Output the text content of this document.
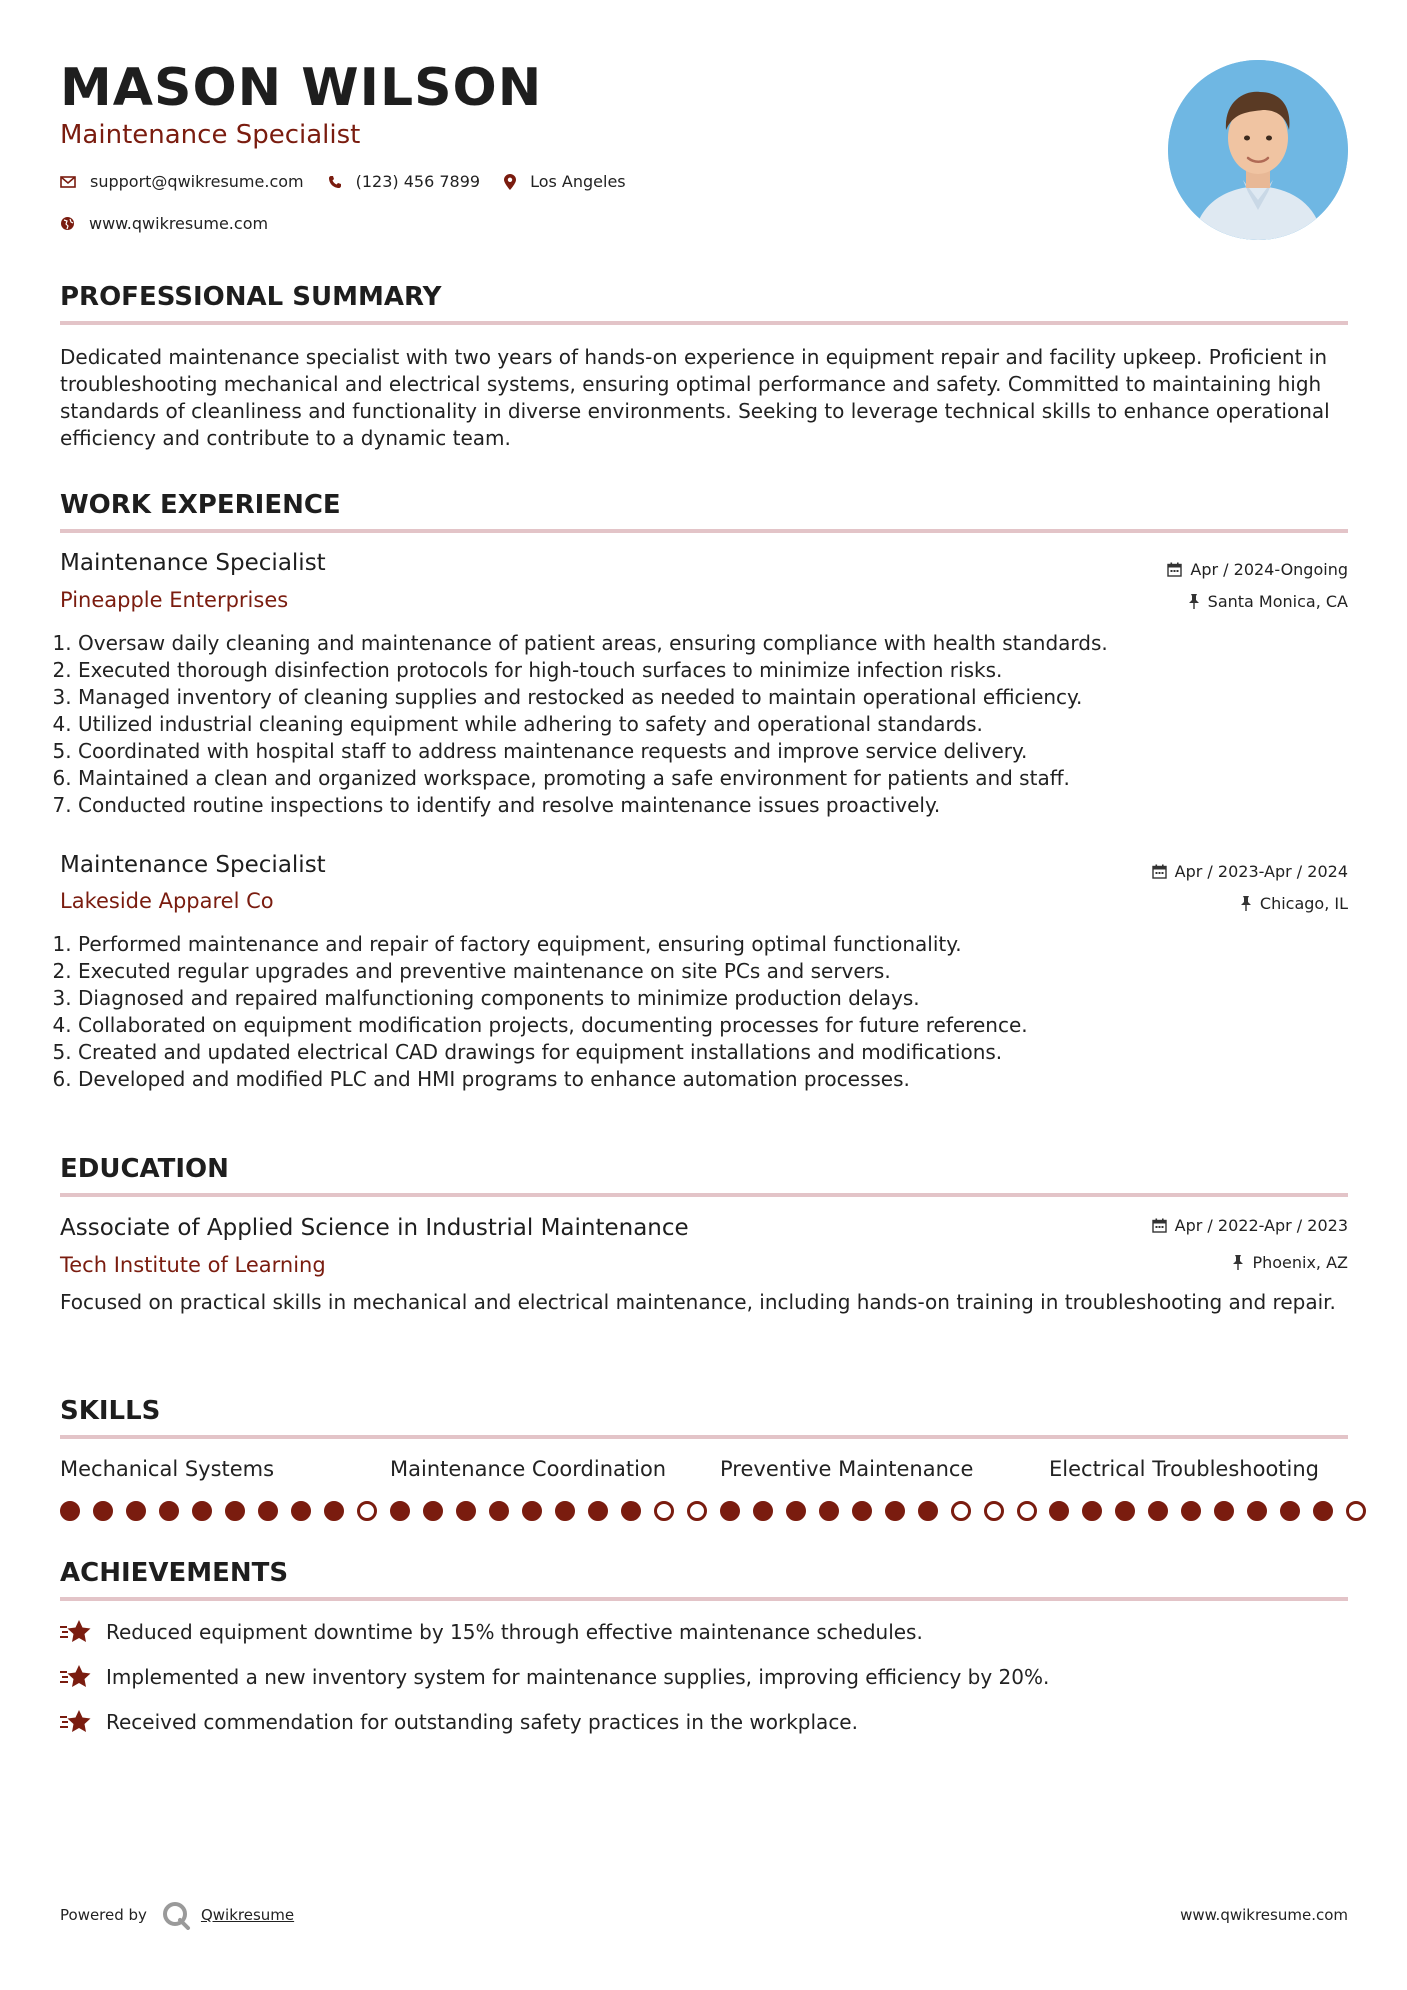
MASON WILSON
Maintenance Specialist
support@qwikresume.com	(123) 456 7899	Los Angeles
www.qwikresume.com
PROFESSIONAL SUMMARY
Dedicated maintenance specialist with two years of hands-on experience in equipment repair and facility upkeep. Proficient in troubleshooting mechanical and electrical systems, ensuring optimal performance and safety. Committed to maintaining high standards of cleanliness and functionality in diverse environments. Seeking to leverage technical skills to enhance operational efficiency and contribute to a dynamic team.
WORK EXPERIENCE
Maintenance Specialist
Pineapple Enterprises
Apr / 2024-Ongoing
Santa Monica, CA
1. Oversaw daily cleaning and maintenance of patient areas, ensuring compliance with health standards.
2. Executed thorough disinfection protocols for high-touch surfaces to minimize infection risks.
3. Managed inventory of cleaning supplies and restocked as needed to maintain operational efficiency.
4. Utilized industrial cleaning equipment while adhering to safety and operational standards.
5. Coordinated with hospital staff to address maintenance requests and improve service delivery.
6. Maintained a clean and organized workspace, promoting a safe environment for patients and staff.
7. Conducted routine inspections to identify and resolve maintenance issues proactively.
Maintenance Specialist
Lakeside Apparel Co
Apr / 2023-Apr / 2024
Chicago, IL
1. Performed maintenance and repair of factory equipment, ensuring optimal functionality.
2. Executed regular upgrades and preventive maintenance on site PCs and servers.
3. Diagnosed and repaired malfunctioning components to minimize production delays.
4. Collaborated on equipment modification projects, documenting processes for future reference.
5. Created and updated electrical CAD drawings for equipment installations and modifications.
6. Developed and modified PLC and HMI programs to enhance automation processes.
EDUCATION
Associate of Applied Science in Industrial Maintenance
Tech Institute of Learning
Apr / 2022-Apr / 2023
Phoenix, AZ
Focused on practical skills in mechanical and electrical maintenance, including hands-on training in troubleshooting and repair.
SKILLS
Mechanical Systems	Maintenance Coordination	Preventive Maintenance	Electrical Troubleshooting
ACHIEVEMENTS
Reduced equipment downtime by 15% through effective maintenance schedules.
Implemented a new inventory system for maintenance supplies, improving efficiency by 20%.
Received commendation for outstanding safety practices in the workplace.
Powered by	Qwikresume	www.qwikresume.com
